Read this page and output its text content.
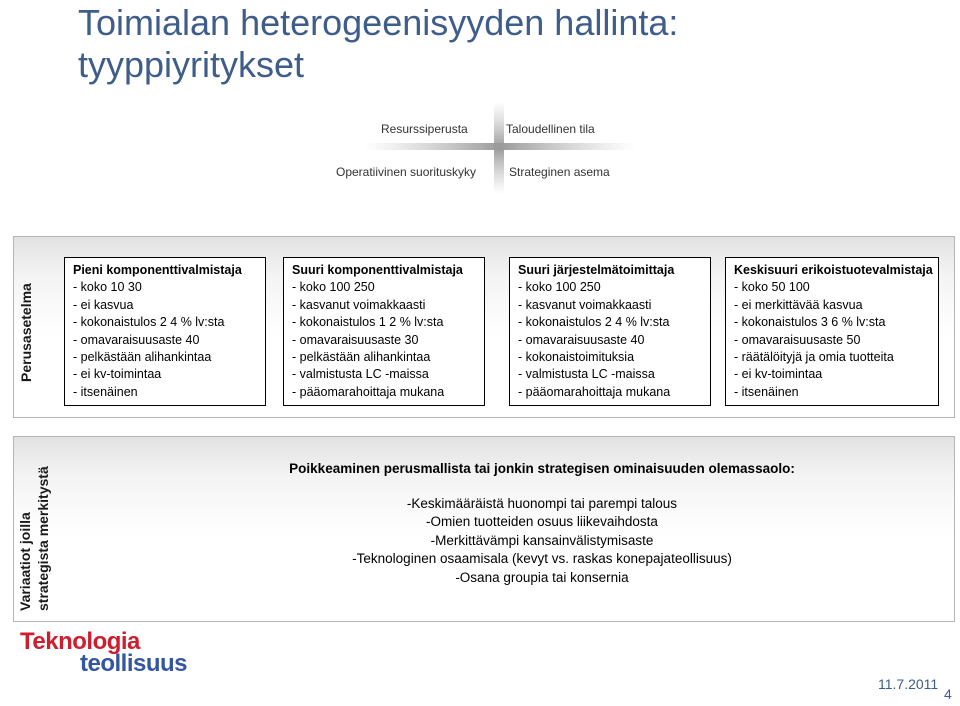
Toimialan heterogeenisyyden hallinta:
tyyppiyritykset
Resurssiperusta	Taloudellinen tila
Operatiivinen suorituskyky	Strateginen asema
Perusasetelma
Pieni komponenttivalmistaja
- koko 10 30
- ei kasvua
- kokonaistulos 2 4 % lv:sta
- omavaraisuusaste 40
- pelkästään alihankintaa
- ei kv-toimintaa
- itsenäinen
Suuri komponenttivalmistaja
- koko 100 250
- kasvanut voimakkaasti
- kokonaistulos 1 2 % lv:sta
- omavaraisuusaste 30
- pelkästään alihankintaa
- valmistusta LC -maissa
- pääomarahoittaja mukana
Suuri järjestelmätoimittaja
- koko 100 250
- kasvanut voimakkaasti
- kokonaistulos 2 4 % lv:sta
- omavaraisuusaste 40
- kokonaistoimituksia
- valmistusta LC -maissa
- pääomarahoittaja mukana
Keskisuuri erikoistuotevalmistaja
- koko 50 100
- ei merkittävää kasvua
- kokonaistulos 3 6 % lv:sta
- omavaraisuusaste 50
- räätälöityjä ja omia tuotteita
- ei kv-toimintaa
- itsenäinen
Variaatiot joilla strategista merkitystä	Poikkeaminen perusmallista tai jonkin strategisen ominaisuuden olemassaolo:
-Keskimääräistä huonompi tai parempi talous
-Omien tuotteiden osuus liikevaihdosta
-Merkittävämpi kansainvälistymisaste
-Teknologinen osaamisala (kevyt vs. raskas konepajateollisuus)
-Osana groupia tai konsernia
Teknologia
teollisuus
11.7.2011
4
